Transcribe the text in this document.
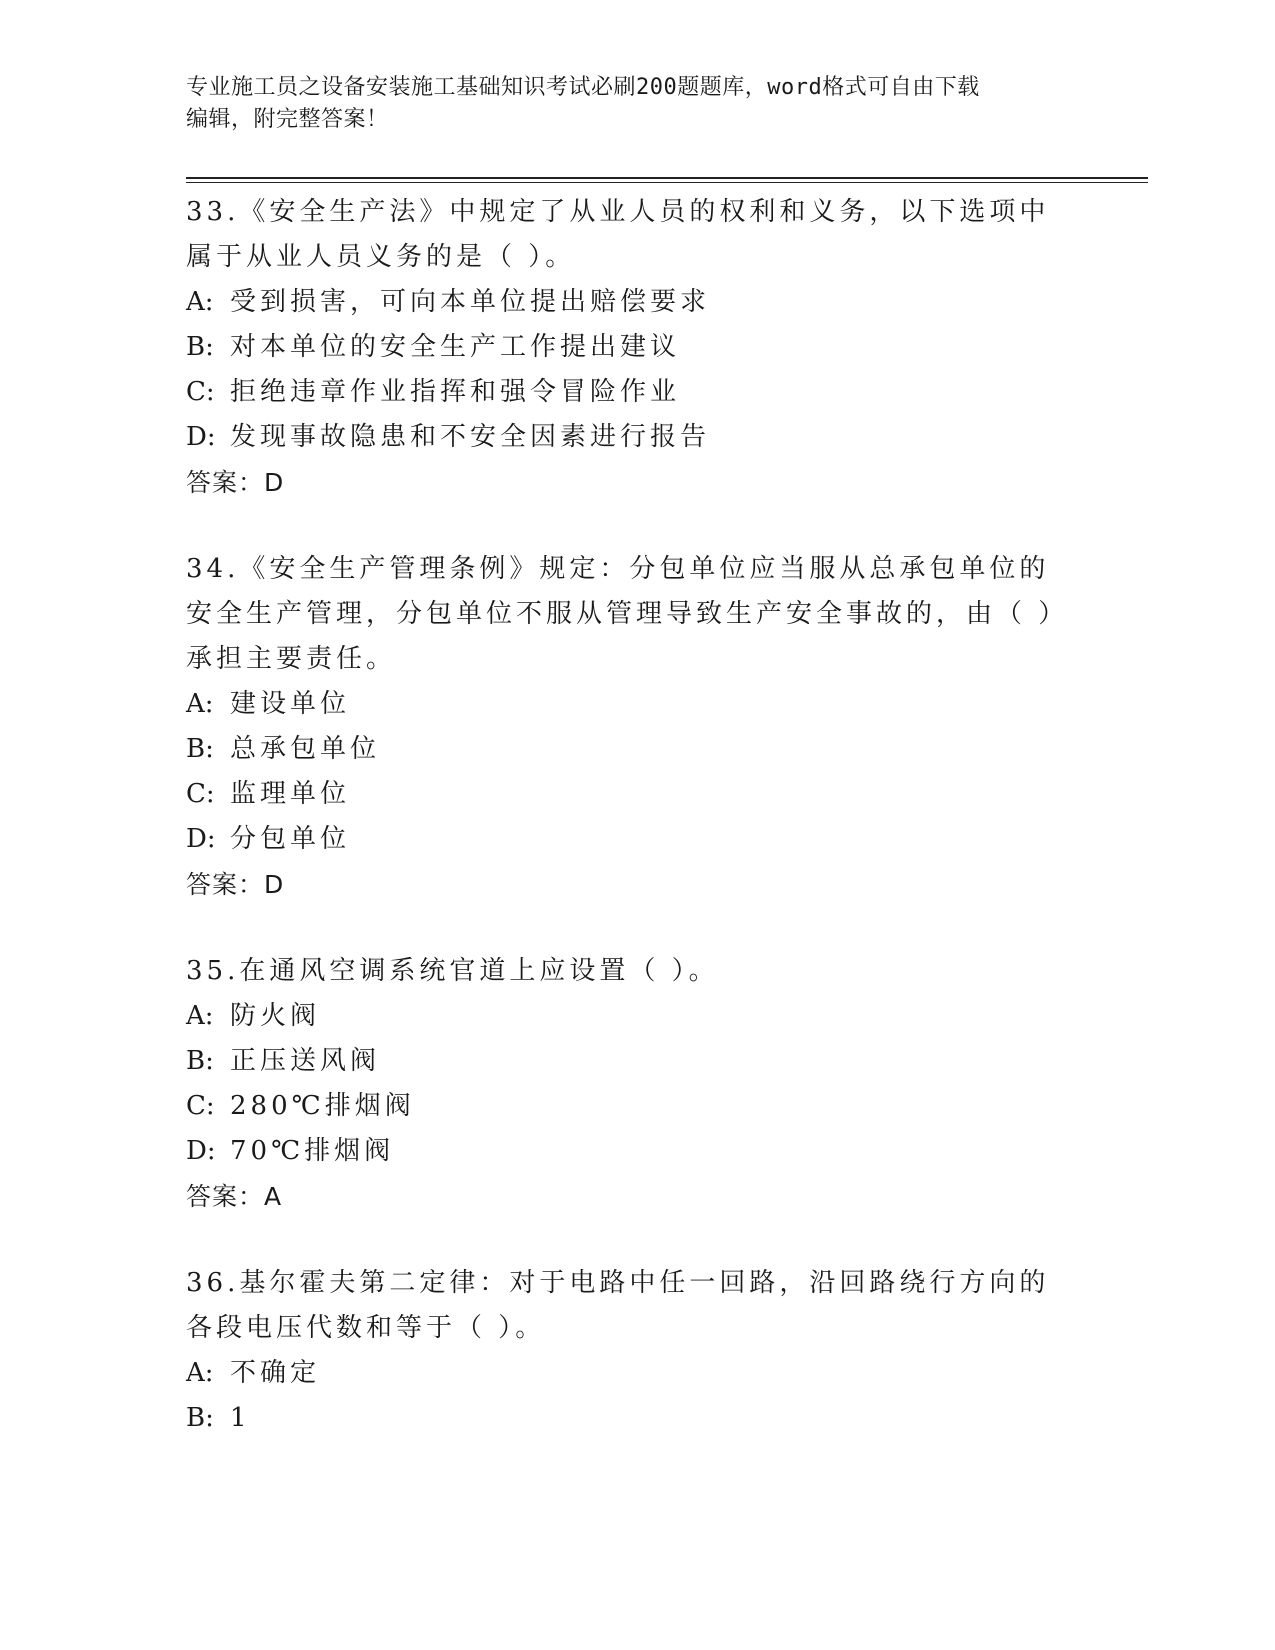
专业施工员之设备安装施工基础知识考试必刷200题题库，word格式可自由下载
编辑，附完整答案！

33.《安全生产法》中规定了从业人员的权利和义务，以下选项中属于从业人员义务的是（ ）。

A: 受到损害，可向本单位提出赔偿要求

B: 对本单位的安全生产工作提出建议

C: 拒绝违章作业指挥和强令冒险作业

D: 发现事故隐患和不安全因素进行报告

答案：D

34.《安全生产管理条例》规定：分包单位应当服从总承包单位的安全生产管理，分包单位不服从管理导致生产安全事故的，由（ ）承担主要责任。

A: 建设单位

B: 总承包单位

C: 监理单位

D: 分包单位

答案：D

35.在通风空调系统官道上应设置（ ）。

A: 防火阀

B: 正压送风阀

C: 280℃排烟阀

D: 70℃排烟阀

答案：A

36.基尔霍夫第二定律：对于电路中任一回路，沿回路绕行方向的各段电压代数和等于（ ）。

A: 不确定

B: 1
